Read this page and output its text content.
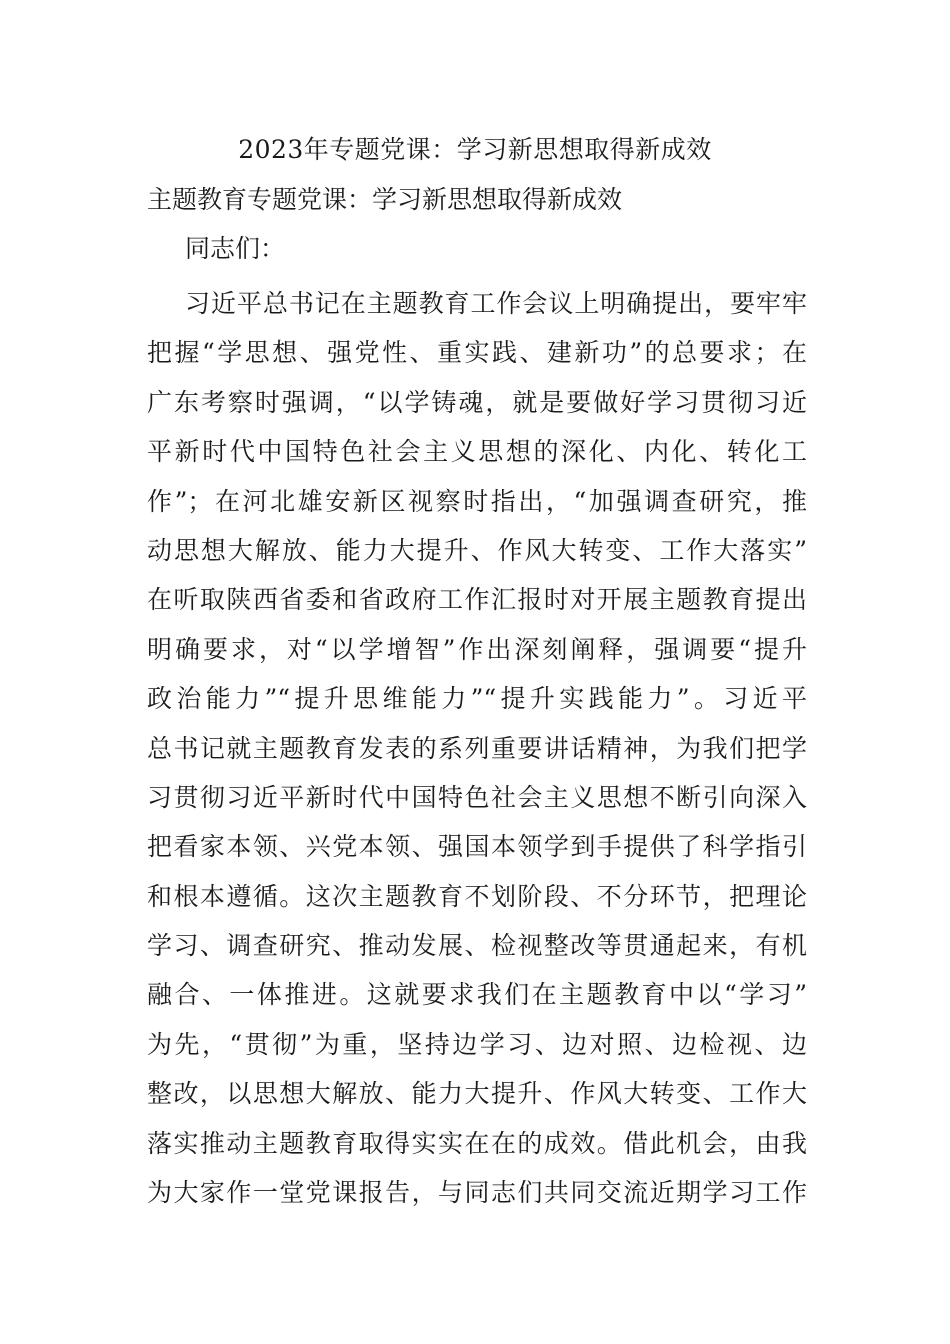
2023年专题党课：学习新思想取得新成效
主题教育专题党课：学习新思想取得新成效
同志们：
习近平总书记在主题教育工作会议上明确提出，要牢牢
把握“学思想、强党性、重实践、建新功”的总要求；在
广东考察时强调，“以学铸魂，就是要做好学习贯彻习近
平新时代中国特色社会主义思想的深化、内化、转化工
作”；在河北雄安新区视察时指出，“加强调查研究，推
动思想大解放、能力大提升、作风大转变、工作大落实”
在听取陕西省委和省政府工作汇报时对开展主题教育提出
明确要求，对“以学增智”作出深刻阐释，强调要“提升
政治能力”“提升思维能力”“提升实践能力”。习近平
总书记就主题教育发表的系列重要讲话精神，为我们把学
习贯彻习近平新时代中国特色社会主义思想不断引向深入
把看家本领、兴党本领、强国本领学到手提供了科学指引
和根本遵循。这次主题教育不划阶段、不分环节，把理论
学习、调查研究、推动发展、检视整改等贯通起来，有机
融合、一体推进。这就要求我们在主题教育中以“学习”
为先，“贯彻”为重，坚持边学习、边对照、边检视、边
整改，以思想大解放、能力大提升、作风大转变、工作大
落实推动主题教育取得实实在在的成效。借此机会，由我
为大家作一堂党课报告，与同志们共同交流近期学习工作
